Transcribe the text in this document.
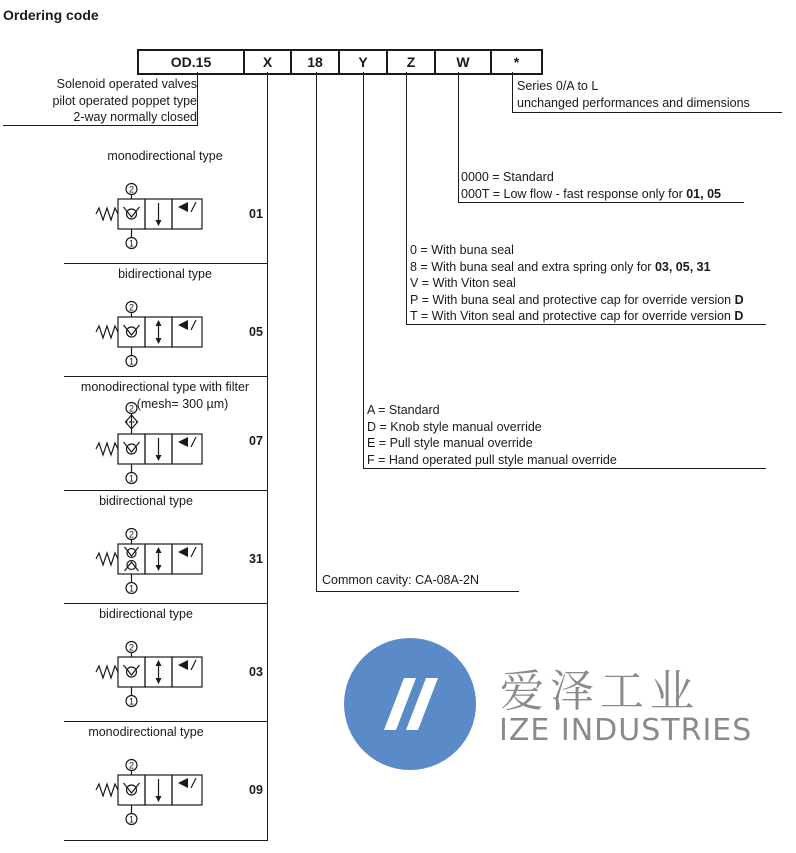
Ordering code
OD.15	X	18	Y	Z	W	*
Solenoid operated valves
pilot operated poppet type
2-way normally closed
Series 0/A to L
unchanged performances and dimensions
0000 = Standard
000T = Low flow - fast response only for 01, 05
0 = With buna seal
8 = With buna seal and extra spring only for 03, 05, 31
V = With Viton seal
P = With buna seal and protective cap for override version D
T = With Viton seal and protective cap for override version D
A = Standard
D = Knob style manual override
E = Pull style manual override
F = Hand operated pull style manual override
Common cavity: CA-08A-2N
monodirectional type
01
2
1
bidirectional type
05
2
1
monodirectional type with filter
(mesh= 300 µm)
07
2
1
bidirectional type
31
2
1
bidirectional type
03
2
1
monodirectional type
09
2
1
爱泽工业
IZE INDUSTRIES
